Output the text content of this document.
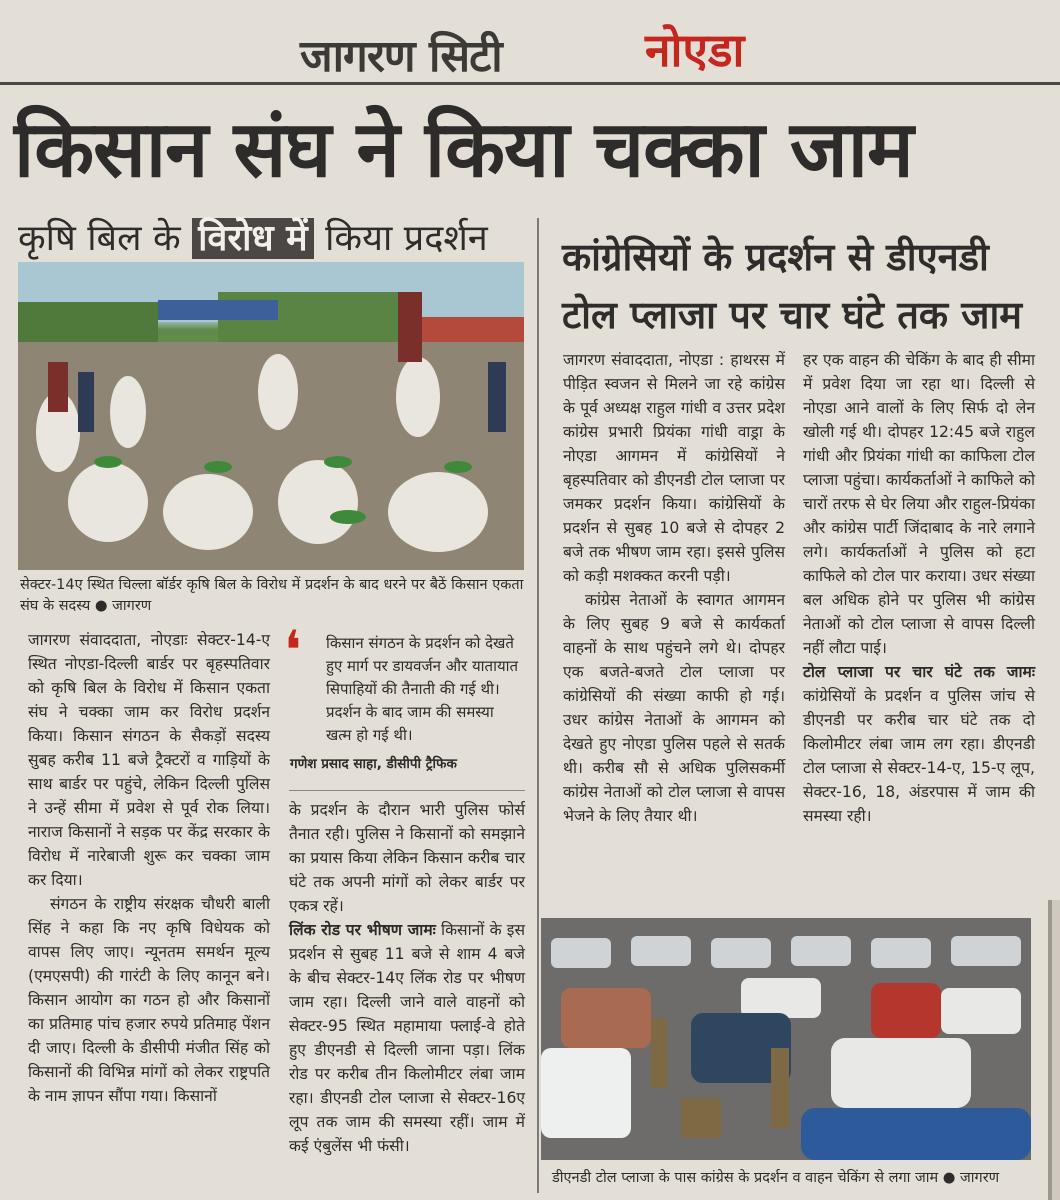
जागरण सिटी	नोएडा
किसान संघ ने किया चक्का जाम
कृषि बिल के विरोध में किया प्रदर्शन कांग्रेसियों के प्रदर्शन से डीएनडी टोल प्लाजा पर चार घंटे तक जाम
सेक्टर-14ए स्थित चिल्ला बॉर्डर कृषि बिल के विरोध में प्रदर्शन के बाद धरने पर बैठें किसान एकता संघ के सदस्य ● जागरण

जागरण संवाददाता, नोएडाः सेक्टर-14-ए स्थित नोएडा-दिल्ली बार्डर पर बृहस्पतिवार को कृषि बिल के विरोध में किसान एकता संघ ने चक्का जाम कर विरोध प्रदर्शन किया। किसान संगठन के सैकड़ों सदस्य सुबह करीब 11 बजे ट्रैक्टरों व गाड़ियों के साथ बार्डर पर पहुंचे, लेकिन दिल्ली पुलिस ने उन्हें सीमा में प्रवेश से पूर्व रोक लिया। नाराज किसानों ने सड़क पर केंद्र सरकार के विरोध में नारेबाजी शुरू कर चक्का जाम कर दिया।

संगठन के राष्ट्रीय संरक्षक चौधरी बाली सिंह ने कहा कि नए कृषि विधेयक को वापस लिए जाए। न्यूनतम समर्थन मूल्य (एमएसपी) की गारंटी के लिए कानून बने। किसान आयोग का गठन हो और किसानों का प्रतिमाह पांच हजार रुपये प्रतिमाह पेंशन दी जाए। दिल्ली के डीसीपी मंजीत सिंह को किसानों की विभिन्न मांगों को लेकर राष्ट्रपति के नाम ज्ञापन सौंपा गया। किसानों

❛	किसान संगठन के प्रदर्शन को देखते हुए मार्ग पर डायवर्जन और यातायात सिपाहियों की तैनाती की गई थी। प्रदर्शन के बाद जाम की समस्या खत्म हो गई थी।
गणेश प्रसाद साहा, डीसीपी ट्रैफिक

के प्रदर्शन के दौरान भारी पुलिस फोर्स तैनात रही। पुलिस ने किसानों को समझाने का प्रयास किया लेकिन किसान करीब चार घंटे तक अपनी मांगों को लेकर बार्डर पर एकत्र रहें।

लिंक रोड पर भीषण जामः किसानों के इस प्रदर्शन से सुबह 11 बजे से शाम 4 बजे के बीच सेक्टर-14ए लिंक रोड पर भीषण जाम रहा। दिल्ली जाने वाले वाहनों को सेक्टर-95 स्थित महामाया फ्लाई-वे होते हुए डीएनडी से दिल्ली जाना पड़ा। लिंक रोड पर करीब तीन किलोमीटर लंबा जाम रहा। डीएनडी टोल प्लाजा से सेक्टर-16ए लूप तक जाम की समस्या रहीं। जाम में कई एंबुलेंस भी फंसी।

जागरण संवाददाता, नोएडा : हाथरस में पीड़ित स्वजन से मिलने जा रहे कांग्रेस के पूर्व अध्यक्ष राहुल गांधी व उत्तर प्रदेश कांग्रेस प्रभारी प्रियंका गांधी वाड्रा के नोएडा आगमन में कांग्रेसियों ने बृहस्पतिवार को डीएनडी टोल प्लाजा पर जमकर प्रदर्शन किया। कांग्रेसियों के प्रदर्शन से सुबह 10 बजे से दोपहर 2 बजे तक भीषण जाम रहा। इससे पुलिस को कड़ी मशक्कत करनी पड़ी।

कांग्रेस नेताओं के स्वागत आगमन के लिए सुबह 9 बजे से कार्यकर्ता वाहनों के साथ पहुंचने लगे थे। दोपहर एक बजते-बजते टोल प्लाजा पर कांग्रेसियों की संख्या काफी हो गई। उधर कांग्रेस नेताओं के आगमन को देखते हुए नोएडा पुलिस पहले से सतर्क थी। करीब सौ से अधिक पुलिसकर्मी कांग्रेस नेताओं को टोल प्लाजा से वापस भेजने के लिए तैयार थी।

हर एक वाहन की चेकिंग के बाद ही सीमा में प्रवेश दिया जा रहा था। दिल्ली से नोएडा आने वालों के लिए सिर्फ दो लेन खोली गई थी। दोपहर 12:45 बजे राहुल गांधी और प्रियंका गांधी का काफिला टोल प्लाजा पहुंचा। कार्यकर्ताओं ने काफिले को चारों तरफ से घेर लिया और राहुल-प्रियंका और कांग्रेस पार्टी जिंदाबाद के नारे लगाने लगे। कार्यकर्ताओं ने पुलिस को हटा काफिले को टोल पार कराया। उधर संख्या बल अधिक होने पर पुलिस भी कांग्रेस नेताओं को टोल प्लाजा से वापस दिल्ली नहीं लौटा पाई।

टोल प्लाजा पर चार घंटे तक जामः कांग्रेसियों के प्रदर्शन व पुलिस जांच से डीएनडी पर करीब चार घंटे तक दो किलोमीटर लंबा जाम लग रहा। डीएनडी टोल प्लाजा से सेक्टर-14-ए, 15-ए लूप, सेक्टर-16, 18, अंडरपास में जाम की समस्या रही।

डीएनडी टोल प्लाजा के पास कांग्रेस के प्रदर्शन व वाहन चेकिंग से लगा जाम ● जागरण
